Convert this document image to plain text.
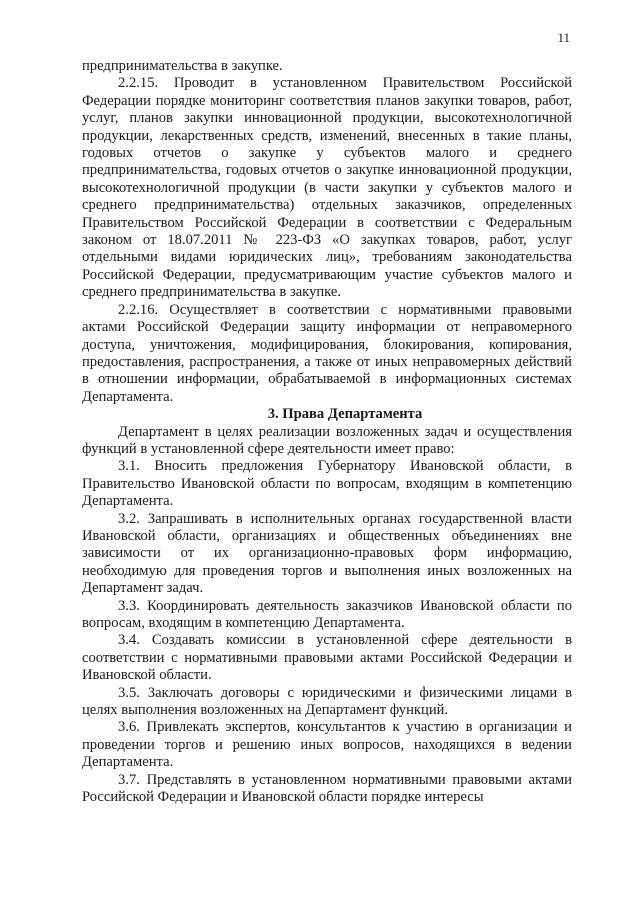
11

предпринимательства в закупке.

2.2.15. Проводит в установленном Правительством Российской Федерации порядке мониторинг соответствия планов закупки товаров, работ, услуг, планов закупки инновационной продукции, высокотехнологичной продукции, лекарственных средств, изменений, внесенных в такие планы, годовых отчетов о закупке у субъектов малого и среднего предпринимательства, годовых отчетов о закупке инновационной продукции, высокотехнологичной продукции (в части закупки у субъектов малого и среднего предпринимательства) отдельных заказчиков, определенных Правительством Российской Федерации в соответствии с Федеральным законом от 18.07.2011 № 223-ФЗ «О закупках товаров, работ, услуг отдельными видами юридических лиц», требованиям законодательства Российской Федерации, предусматривающим участие субъектов малого и среднего предпринимательства в закупке.

2.2.16. Осуществляет в соответствии с нормативными правовыми актами Российской Федерации защиту информации от неправомерного доступа, уничтожения, модифицирования, блокирования, копирования, предоставления, распространения, а также от иных неправомерных действий в отношении информации, обрабатываемой в информационных системах Департамента.

3. Права Департамента

Департамент в целях реализации возложенных задач и осуществления функций в установленной сфере деятельности имеет право:

3.1. Вносить предложения Губернатору Ивановской области, в Правительство Ивановской области по вопросам, входящим в компетенцию Департамента.

3.2. Запрашивать в исполнительных органах государственной власти Ивановской области, организациях и общественных объединениях вне зависимости от их организационно-правовых форм информацию, необходимую для проведения торгов и выполнения иных возложенных на Департамент задач.

3.3. Координировать деятельность заказчиков Ивановской области по вопросам, входящим в компетенцию Департамента.

3.4. Создавать комиссии в установленной сфере деятельности в соответствии с нормативными правовыми актами Российской Федерации и Ивановской области.

3.5. Заключать договоры с юридическими и физическими лицами в целях выполнения возложенных на Департамент функций.

3.6. Привлекать экспертов, консультантов к участию в организации и проведении торгов и решению иных вопросов, находящихся в ведении Департамента.

3.7. Представлять в установленном нормативными правовыми актами Российской Федерации и Ивановской области порядке интересы
